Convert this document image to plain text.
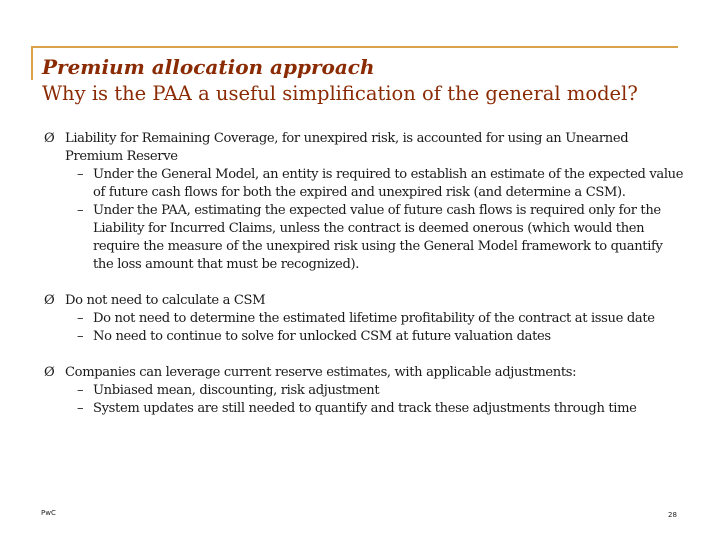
Premium allocation approach
Why is the PAA a useful simplification of the general model?
Ø Liability for Remaining Coverage, for unexpired risk, is accounted for using an Unearned Premium Reserve
– Under the General Model, an entity is required to establish an estimate of the expected value of future cash flows for both the expired and unexpired risk (and determine a CSM).
– Under the PAA, estimating the expected value of future cash flows is required only for the Liability for Incurred Claims, unless the contract is deemed onerous (which would then require the measure of the unexpired risk using the General Model framework to quantify the loss amount that must be recognized).
Ø Do not need to calculate a CSM
– Do not need to determine the estimated lifetime profitability of the contract at issue date
– No need to continue to solve for unlocked CSM at future valuation dates
Ø Companies can leverage current reserve estimates, with applicable adjustments:
– Unbiased mean, discounting, risk adjustment
– System updates are still needed to quantify and track these adjustments through time
PwC	28
